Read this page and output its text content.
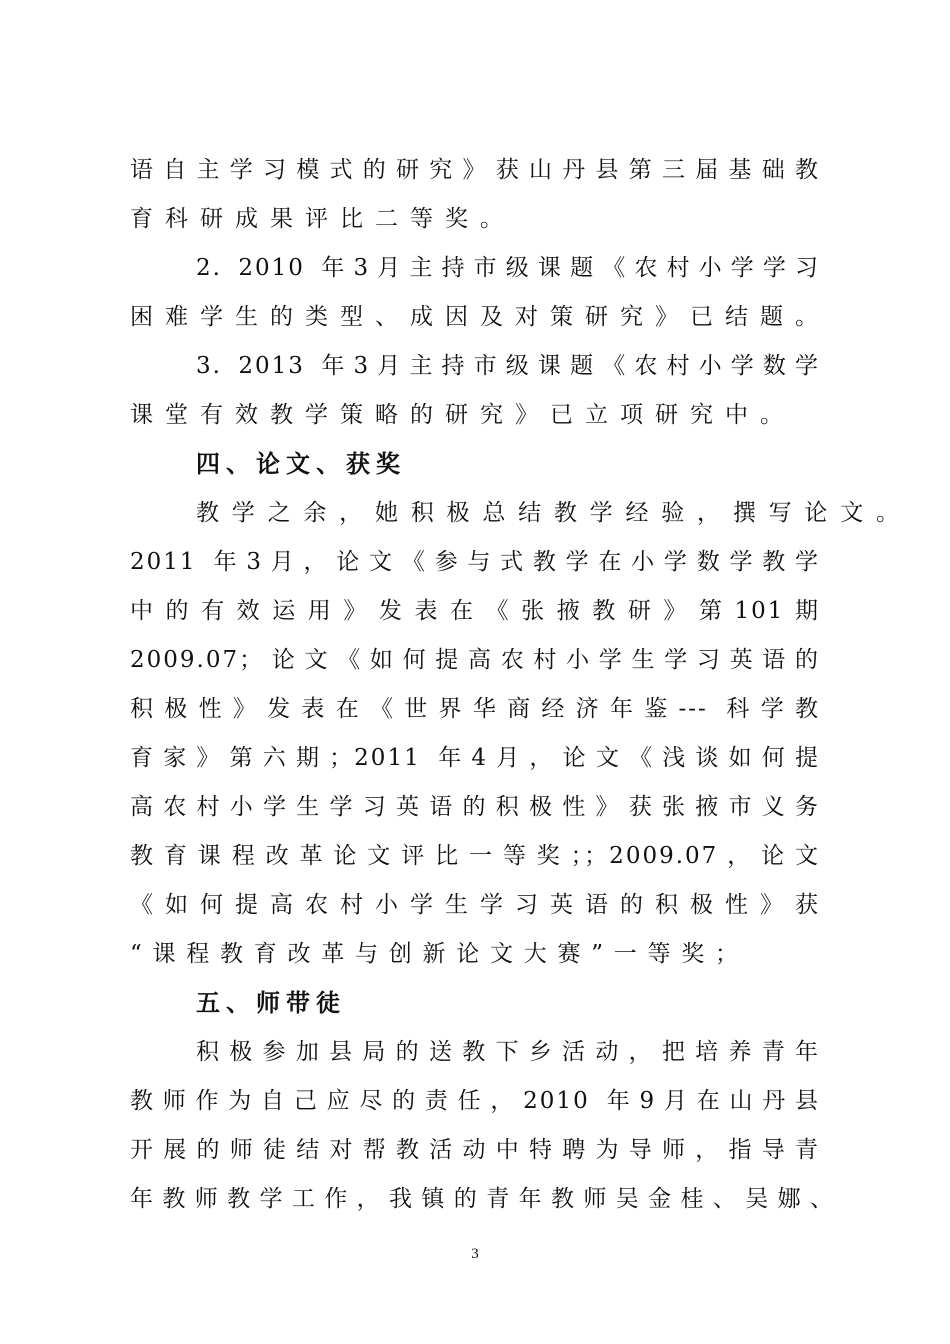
语自主学习模式的研究》获山丹县第三届基础教
育科研成果评比二等奖。
2. 2010 年3月主持市级课题《农村小学学习
困难学生的类型、成因及对策研究》已结题。
3. 2013 年3月主持市级课题《农村小学数学
课堂有效教学策略的研究》已立项研究中。
四、论文、获奖
教学之余，她积极总结教学经验，撰写论文。
2011 年3月，论文《参与式教学在小学数学教学
中的有效运用》发表在《张掖教研》第101期
2009.07；论文《如何提高农村小学生学习英语的
积极性》发表在《世界华商经济年鉴--- 科学教
育家》第六期；2011 年4月，论文《浅谈如何提
高农村小学生学习英语的积极性》获张掖市义务
教育课程改革论文评比一等奖；；2009.07，论文
《如何提高农村小学生学习英语的积极性》获
“课程教育改革与创新论文大赛”一等奖；
五、师带徒
积极参加县局的送教下乡活动，把培养青年
教师作为自己应尽的责任，2010 年9月在山丹县
开展的师徒结对帮教活动中特聘为导师，指导青
年教师教学工作，我镇的青年教师吴金桂、吴娜、
3
